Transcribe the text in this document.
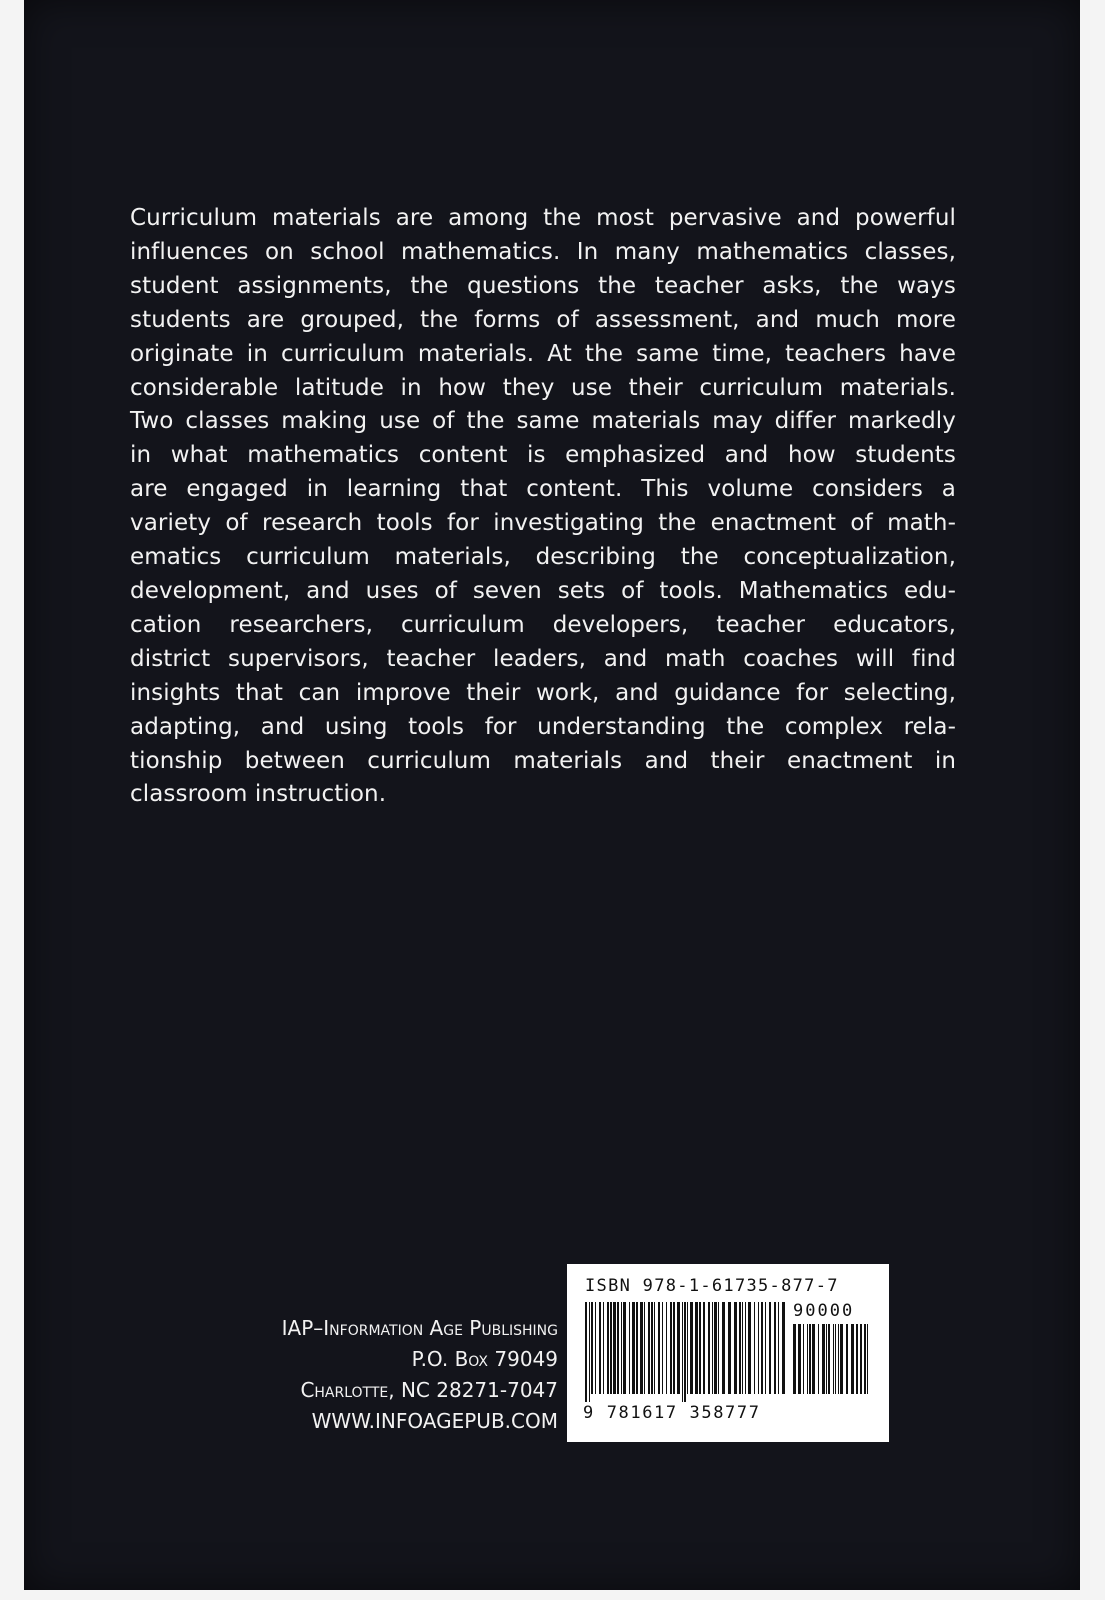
Curriculum materials are among the most pervasive and powerful
influences on school mathematics. In many mathematics classes,
student assignments, the questions the teacher asks, the ways
students are grouped, the forms of assessment, and much more
originate in curriculum materials. At the same time, teachers have
considerable latitude in how they use their curriculum materials.
Two classes making use of the same materials may differ markedly
in what mathematics content is emphasized and how students
are engaged in learning that content. This volume considers a
variety of research tools for investigating the enactment of math-
ematics curriculum materials, describing the conceptualization,
development, and uses of seven sets of tools. Mathematics edu-
cation researchers, curriculum developers, teacher educators,
district supervisors, teacher leaders, and math coaches will find
insights that can improve their work, and guidance for selecting,
adapting, and using tools for understanding the complex rela-
tionship between curriculum materials and their enactment in
classroom instruction.

IAP–Information Age Publishing
P.O. Box 79049
Charlotte, NC 28271-7047
WWW.INFOAGEPUB.COM
ISBN 978-1-61735-877-7
90000
9 781617 358777
